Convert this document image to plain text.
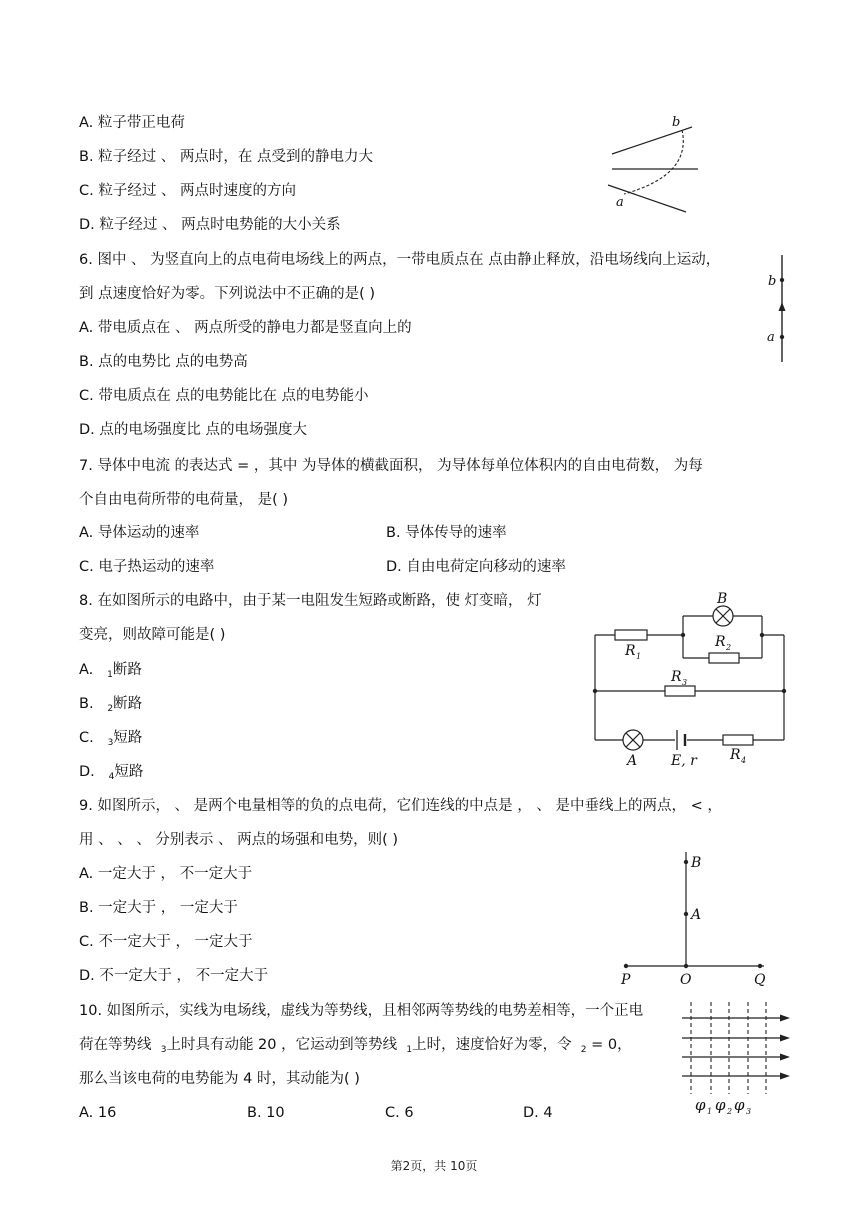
A. 粒子带正电荷
B. 粒子经过 、 两点时，在 点受到的静电力大
C. 粒子经过 、 两点时速度的方向
D. 粒子经过 、 两点时电势能的大小关系
b
a
6. 图中 、 为竖直向上的点电荷电场线上的两点，一带电质点在 点由静止释放，沿电场线向上运动，
到 点速度恰好为零。下列说法中不正确的是( )
A. 带电质点在 、 两点所受的静电力都是竖直向上的
B. 点的电势比 点的电势高
C. 带电质点在 点的电势能比在 点的电势能小
D. 点的电场强度比 点的电场强度大
b
a
7. 导体中电流 的表达式 = ，其中 为导体的横截面积， 为导体每单位体积内的自由电荷数， 为每
个自由电荷所带的电荷量， 是( )
A. 导体运动的速率	B. 导体传导的速率
C. 电子热运动的速率	D. 自由电荷定向移动的速率
8. 在如图所示的电路中，由于某一电阻发生短路或断路，使 灯变暗， 灯
变亮，则故障可能是( )
A. $_1$断路
B. $_2$断路
C. $_3$短路
D. $_4$短路
B
R 1
R 2
R 3
A E, r R 4
9. 如图所示， 、 是两个电量相等的负的点电荷，它们连线的中点是 ， 、 是中垂线上的两点， < ，
用 、 、 、 分别表示 、 两点的场强和电势，则( )
A. 一定大于 ， 不一定大于
B. 一定大于 ， 一定大于
C. 不一定大于 ， 一定大于
D. 不一定大于 ， 不一定大于
B
A
P	O	Q
10. 如图所示，实线为电场线，虚线为等势线，且相邻两等势线的电势差相等，一个正电
荷在等势线 $_3$上时具有动能 20 ，它运动到等势线 $_1$上时，速度恰好为零，令 $_2$ = 0，
那么当该电荷的电势能为 4 时，其动能为( )
A. 16	B. 10	C. 6	D. 4	φ 1 φ 2 φ 3
第2页，共 10页
